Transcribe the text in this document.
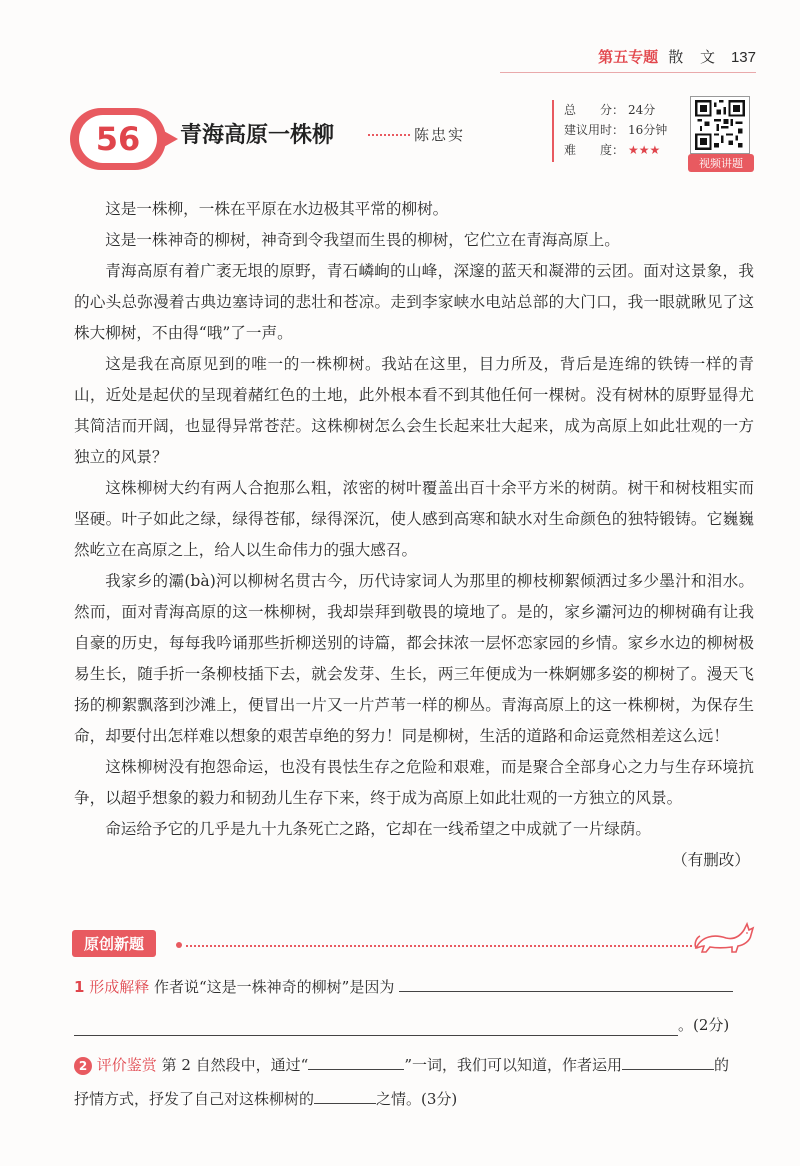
第五专题 散 文 137
56	青海高原一株柳	陈忠实
总　　分： 24分
建议用时： 16分钟
难　　度： ★★★
视频讲题

这是一株柳，一株在平原在水边极其平常的柳树。

这是一株神奇的柳树，神奇到令我望而生畏的柳树，它伫立在青海高原上。

青海高原有着广袤无垠的原野，青石嶙峋的山峰，深邃的蓝天和凝滞的云团。面对这景象，我的心头总弥漫着古典边塞诗词的悲壮和苍凉。走到李家峡水电站总部的大门口，我一眼就瞅见了这株大柳树，不由得“哦”了一声。

这是我在高原见到的唯一的一株柳树。我站在这里，目力所及，背后是连绵的铁铸一样的青山，近处是起伏的呈现着赭红色的土地，此外根本看不到其他任何一棵树。没有树林的原野显得尤其简洁而开阔，也显得异常苍茫。这株柳树怎么会生长起来壮大起来，成为高原上如此壮观的一方独立的风景？

这株柳树大约有两人合抱那么粗，浓密的树叶覆盖出百十余平方米的树荫。树干和树枝粗实而坚硬。叶子如此之绿，绿得苍郁，绿得深沉，使人感到高寒和缺水对生命颜色的独特锻铸。它巍巍然屹立在高原之上，给人以生命伟力的强大感召。

我家乡的灞(bà)河以柳树名贯古今，历代诗家词人为那里的柳枝柳絮倾洒过多少墨汁和泪水。然而，面对青海高原的这一株柳树，我却崇拜到敬畏的境地了。是的，家乡灞河边的柳树确有让我自豪的历史，每每我吟诵那些折柳送别的诗篇，都会抹浓一层怀恋家园的乡情。家乡水边的柳树极易生长，随手折一条柳枝插下去，就会发芽、生长，两三年便成为一株婀娜多姿的柳树了。漫天飞扬的柳絮飘落到沙滩上，便冒出一片又一片芦苇一样的柳丛。青海高原上的这一株柳树，为保存生命，却要付出怎样难以想象的艰苦卓绝的努力！同是柳树，生活的道路和命运竟然相差这么远！

这株柳树没有抱怨命运，也没有畏怯生存之危险和艰难，而是聚合全部身心之力与生存环境抗争，以超乎想象的毅力和韧劲儿生存下来，终于成为高原上如此壮观的一方独立的风景。

命运给予它的几乎是九十九条死亡之路，它却在一线希望之中成就了一片绿荫。

（有删改）

原创新题
1 形成解释 作者说“这是一株神奇的柳树”是因为
。(2分)
2 评价鉴赏 第 2 自然段中，通过“	”一词，我们可以知道，作者运用	的
抒情方式，抒发了自己对这株柳树的	之情。(3分)
